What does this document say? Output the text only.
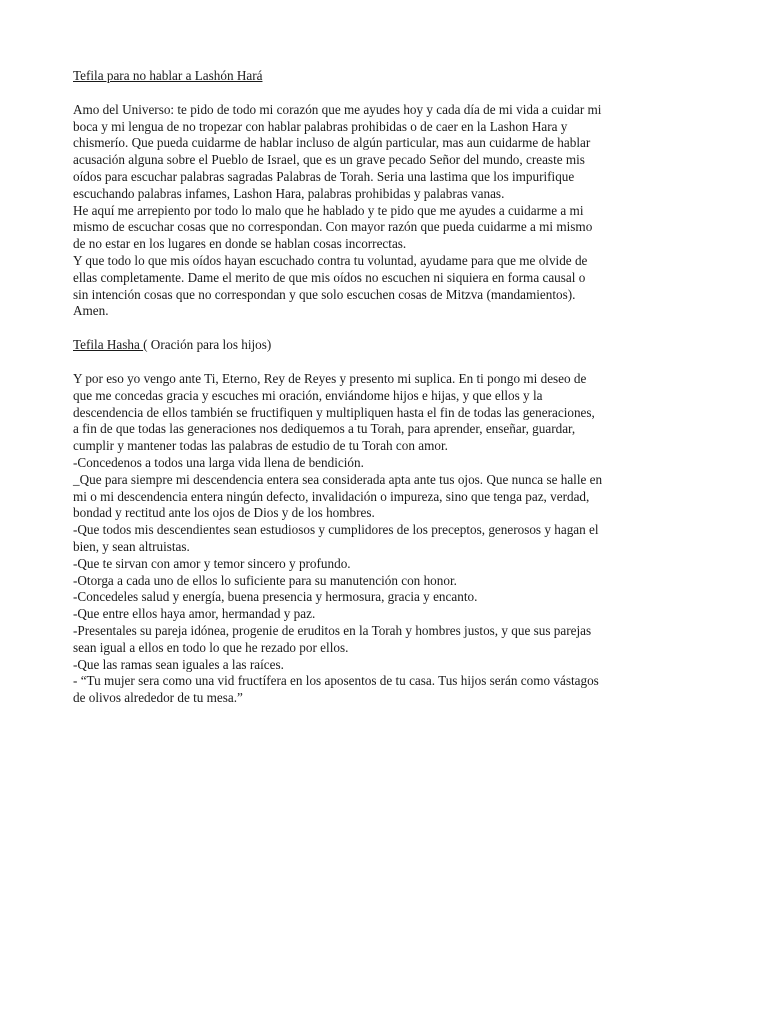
Tefila para no hablar a Lashón Hará

Amo del Universo: te pido de todo mi corazón que me ayudes hoy y cada día de mi vida a cuidar mi

boca y mi lengua de no tropezar con hablar palabras prohibidas o de caer en la Lashon Hara y

chismerío. Que pueda cuidarme de hablar incluso de algún particular, mas aun cuidarme de hablar

acusación alguna sobre el Pueblo de Israel, que es un grave pecado Señor del mundo, creaste mis

oídos para escuchar palabras sagradas Palabras de Torah. Seria una lastima que los impurifique

escuchando palabras infames, Lashon Hara, palabras prohibidas y palabras vanas.

He aquí me arrepiento por todo lo malo que he hablado y te pido que me ayudes a cuidarme a mi

mismo de escuchar cosas que no correspondan. Con mayor razón que pueda cuidarme a mi mismo

de no estar en los lugares en donde se hablan cosas incorrectas.

Y que todo lo que mis oídos hayan escuchado contra tu voluntad, ayudame para que me olvide de

ellas completamente. Dame el merito de que mis oídos no escuchen ni siquiera en forma causal o

sin intención cosas que no correspondan y que solo escuchen cosas de Mitzva (mandamientos).

Amen.

Tefila Hasha ( Oración para los hijos)

Y por eso yo vengo ante Ti, Eterno, Rey de Reyes y presento mi suplica. En ti pongo mi deseo de

que me concedas gracia y escuches mi oración, enviándome hijos e hijas, y que ellos y la

descendencia de ellos también se fructifiquen y multipliquen hasta el fin de todas las generaciones,

a fin de que todas las generaciones nos dediquemos a tu Torah, para aprender, enseñar, guardar,

cumplir y mantener todas las palabras de estudio de tu Torah con amor.

-Concedenos a todos una larga vida llena de bendición.

_Que para siempre mi descendencia entera sea considerada apta ante tus ojos. Que nunca se halle en

mi o mi descendencia entera ningún defecto, invalidación o impureza, sino que tenga paz, verdad,

bondad y rectitud ante los ojos de Dios y de los hombres.

-Que todos mis descendientes sean estudiosos y cumplidores de los preceptos, generosos y hagan el

bien, y sean altruistas.

-Que te sirvan con amor y temor sincero y profundo.

-Otorga a cada uno de ellos lo suficiente para su manutención con honor.

-Concedeles salud y energía, buena presencia y hermosura, gracia y encanto.

-Que entre ellos haya amor, hermandad y paz.

-Presentales su pareja idónea, progenie de eruditos en la Torah y hombres justos, y que sus parejas

sean igual a ellos en todo lo que he rezado por ellos.

-Que las ramas sean iguales a las raíces.

- “Tu mujer sera como una vid fructífera en los aposentos de tu casa. Tus hijos serán como vástagos

de olivos alrededor de tu mesa.”
